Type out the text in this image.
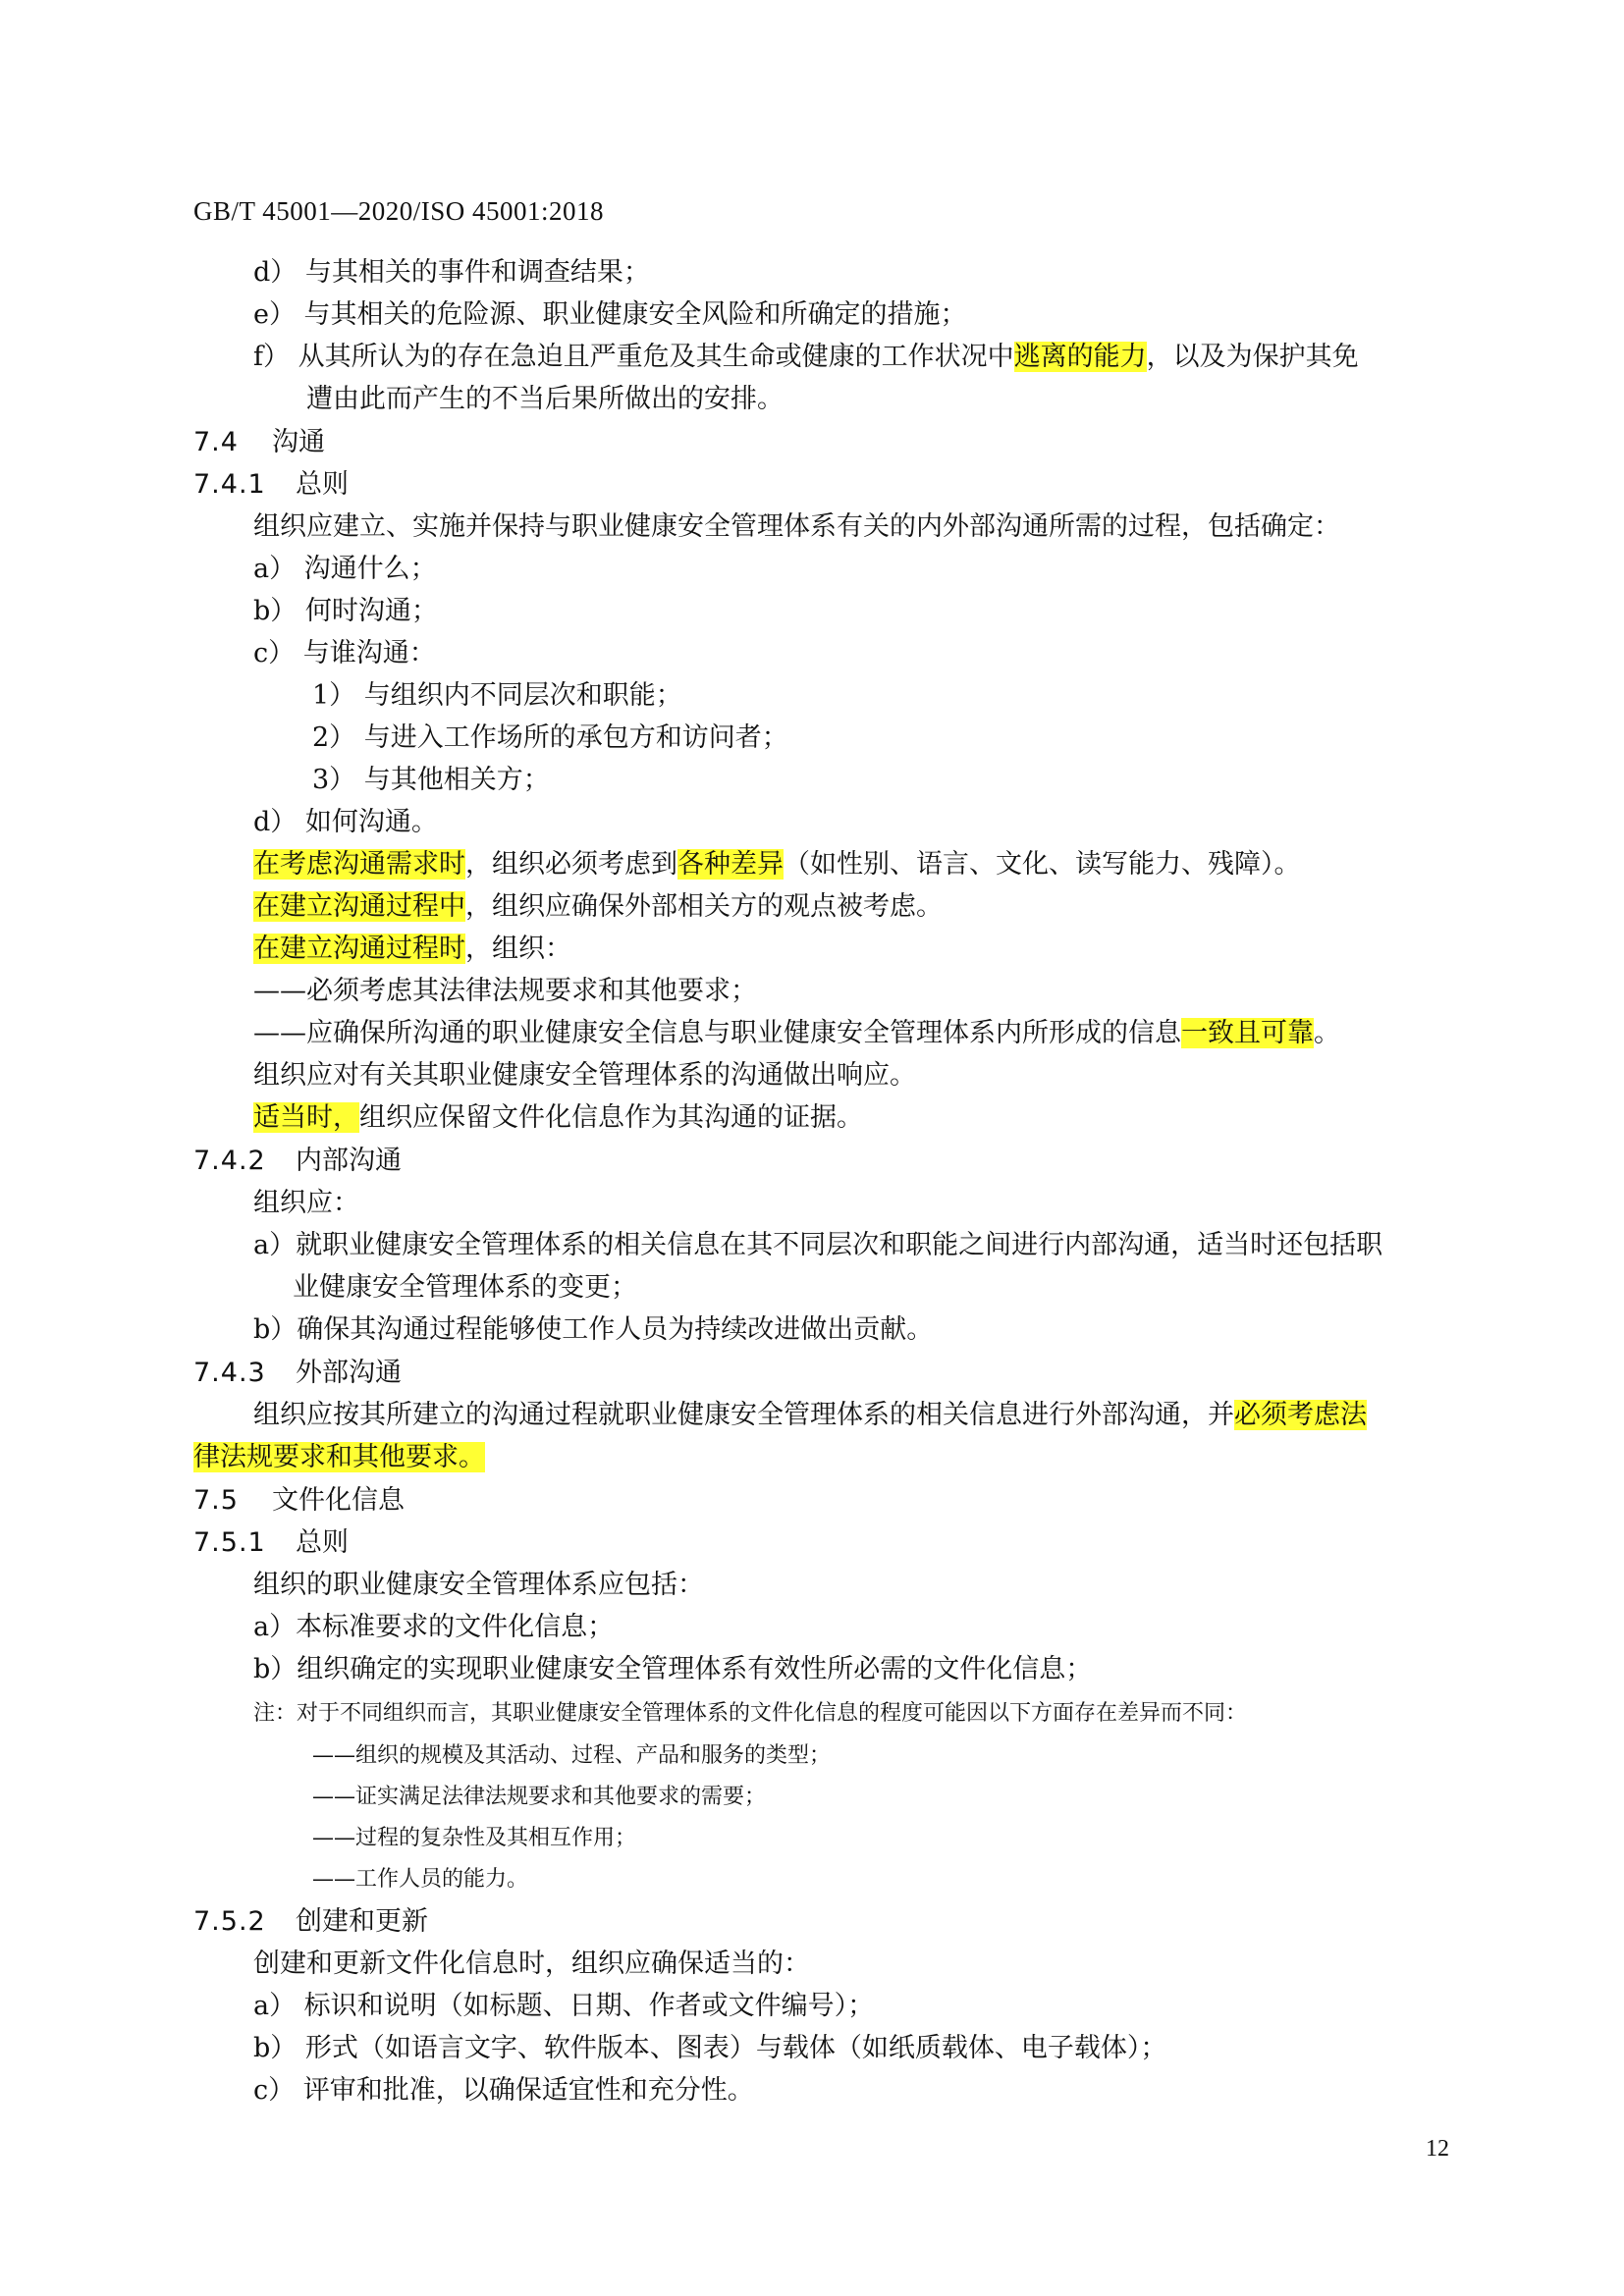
GB/T 45001—2020/ISO 45001:2018
d） 与其相关的事件和调查结果；
e） 与其相关的危险源、职业健康安全风险和所确定的措施；
f） 从其所认为的存在急迫且严重危及其生命或健康的工作状况中逃离的能力，以及为保护其免
遭由此而产生的不当后果所做出的安排。
7.4 沟通
7.4.1 总则
组织应建立、实施并保持与职业健康安全管理体系有关的内外部沟通所需的过程，包括确定：
a） 沟通什么；
b） 何时沟通；
c） 与谁沟通：
1） 与组织内不同层次和职能；
2） 与进入工作场所的承包方和访问者；
3） 与其他相关方；
d） 如何沟通。
在考虑沟通需求时，组织必须考虑到各种差异（如性别、语言、文化、读写能力、残障）。
在建立沟通过程中，组织应确保外部相关方的观点被考虑。
在建立沟通过程时，组织：
——必须考虑其法律法规要求和其他要求；
——应确保所沟通的职业健康安全信息与职业健康安全管理体系内所形成的信息一致且可靠。
组织应对有关其职业健康安全管理体系的沟通做出响应。
适当时，组织应保留文件化信息作为其沟通的证据。
7.4.2 内部沟通
组织应：
a）就职业健康安全管理体系的相关信息在其不同层次和职能之间进行内部沟通，适当时还包括职
业健康安全管理体系的变更；
b）确保其沟通过程能够使工作人员为持续改进做出贡献。
7.4.3 外部沟通
组织应按其所建立的沟通过程就职业健康安全管理体系的相关信息进行外部沟通，并必须考虑法
律法规要求和其他要求。
7.5 文件化信息
7.5.1 总则
组织的职业健康安全管理体系应包括：
a）本标准要求的文件化信息；
b）组织确定的实现职业健康安全管理体系有效性所必需的文件化信息；
注：对于不同组织而言，其职业健康安全管理体系的文件化信息的程度可能因以下方面存在差异而不同：
——组织的规模及其活动、过程、产品和服务的类型；
——证实满足法律法规要求和其他要求的需要；
——过程的复杂性及其相互作用；
——工作人员的能力。
7.5.2 创建和更新
创建和更新文件化信息时，组织应确保适当的：
a） 标识和说明（如标题、日期、作者或文件编号）；
b） 形式（如语言文字、软件版本、图表）与载体（如纸质载体、电子载体）；
c） 评审和批准，以确保适宜性和充分性。
12
